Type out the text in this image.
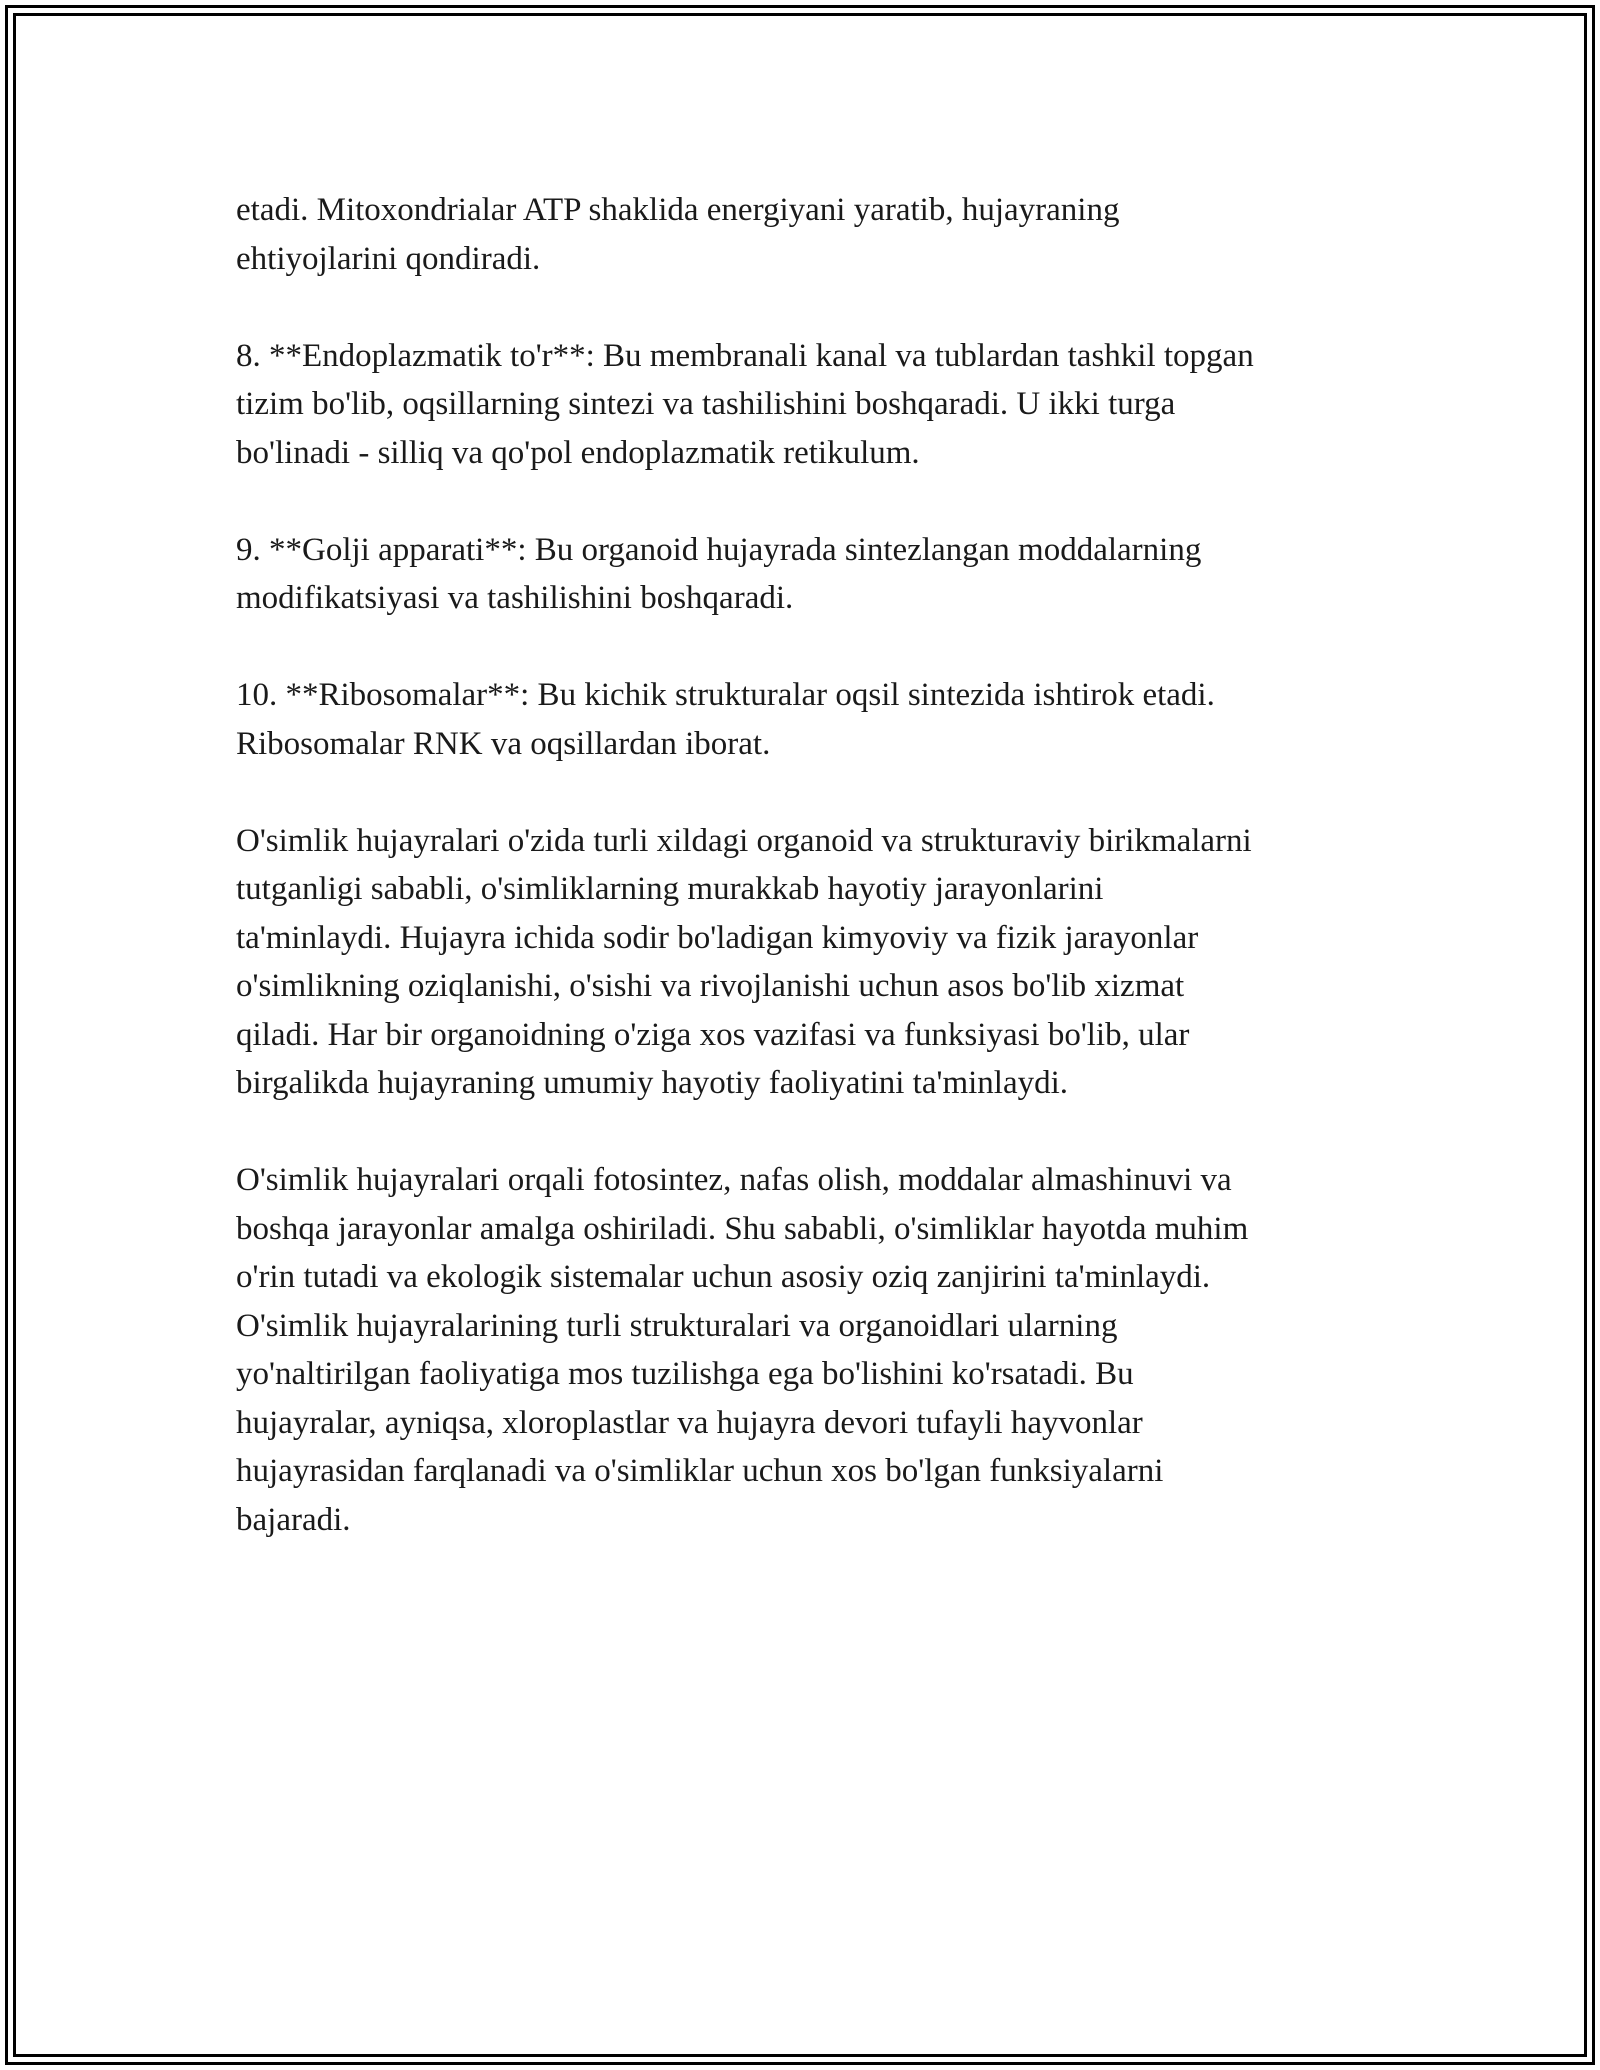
etadi. Mitoxondrialar ATP shaklida energiyani yaratib, hujayraning
ehtiyojlarini qondiradi.

8. **Endoplazmatik to'r**: Bu membranali kanal va tublardan tashkil topgan
tizim bo'lib, oqsillarning sintezi va tashilishini boshqaradi. U ikki turga
bo'linadi - silliq va qo'pol endoplazmatik retikulum.

9. **Golji apparati**: Bu organoid hujayrada sintezlangan moddalarning
modifikatsiyasi va tashilishini boshqaradi.

10. **Ribosomalar**: Bu kichik strukturalar oqsil sintezida ishtirok etadi.
Ribosomalar RNK va oqsillardan iborat.

O'simlik hujayralari o'zida turli xildagi organoid va strukturaviy birikmalarni
tutganligi sababli, o'simliklarning murakkab hayotiy jarayonlarini
ta'minlaydi. Hujayra ichida sodir bo'ladigan kimyoviy va fizik jarayonlar
o'simlikning oziqlanishi, o'sishi va rivojlanishi uchun asos bo'lib xizmat
qiladi. Har bir organoidning o'ziga xos vazifasi va funksiyasi bo'lib, ular
birgalikda hujayraning umumiy hayotiy faoliyatini ta'minlaydi.

O'simlik hujayralari orqali fotosintez, nafas olish, moddalar almashinuvi va
boshqa jarayonlar amalga oshiriladi. Shu sababli, o'simliklar hayotda muhim
o'rin tutadi va ekologik sistemalar uchun asosiy oziq zanjirini ta'minlaydi.
O'simlik hujayralarining turli strukturalari va organoidlari ularning
yo'naltirilgan faoliyatiga mos tuzilishga ega bo'lishini ko'rsatadi. Bu
hujayralar, ayniqsa, xloroplastlar va hujayra devori tufayli hayvonlar
hujayrasidan farqlanadi va o'simliklar uchun xos bo'lgan funksiyalarni
bajaradi.
